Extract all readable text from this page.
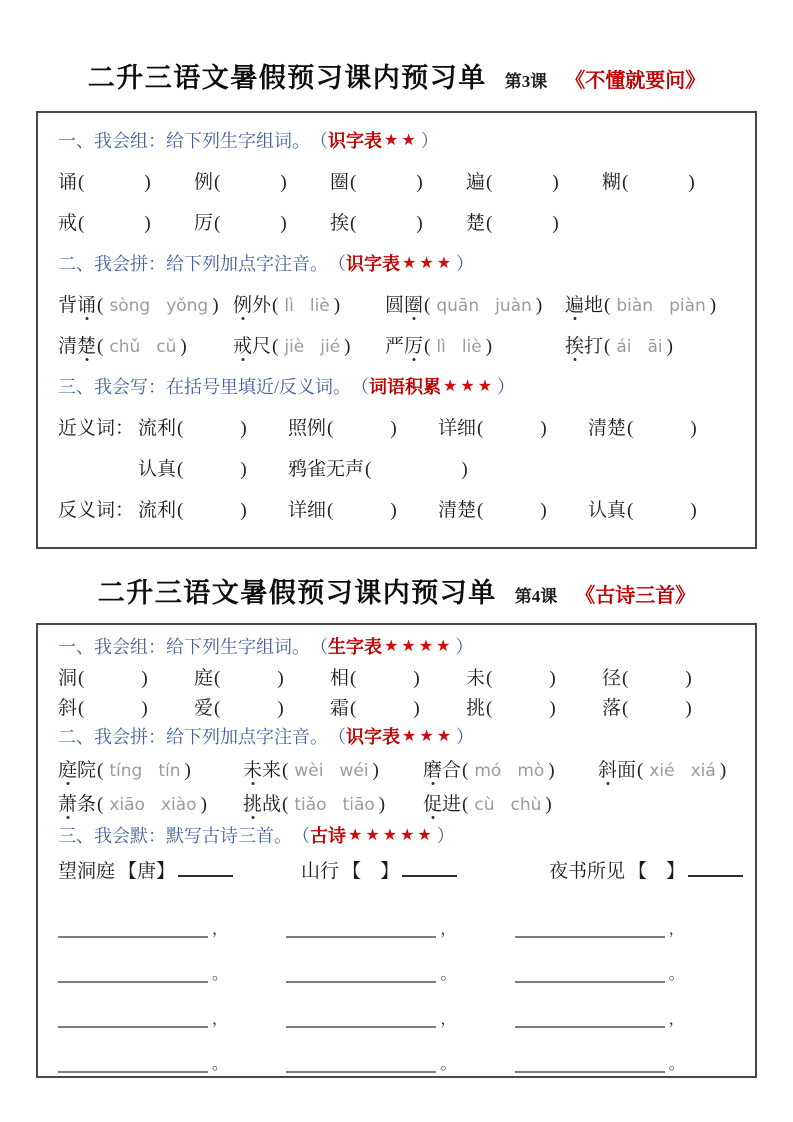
二升三语文暑假预习课内预习单 第3课 《不懂就要问》
一、我会组：给下列生字组词。 （ 识字表 ★★ ）
诵(	)	例(	)	圈(	)	遍(	)	糊(	)
戒(	)	厉(	)	挨(	)	楚(	)
二、我会拼：给下列加点字注音。 （ 识字表 ★★★ ）
背诵( sòng yǒng ) 例外( lì liè )	圆圈( quān juàn )	遍地( biàn piàn )
清楚( chǔ cǔ )	戒尺( jiè jié )	严厉( lì liè )	挨打( ái āi )
三、我会写：在括号里填近/反义词。 （ 词语积累 ★★★ ）
近义词： 流利(	)	照例(	)	详细(	)	清楚(	)
认真(	)	鸦雀无声(	)
反义词： 流利(	)	详细(	)	清楚(	)	认真(	)
二升三语文暑假预习课内预习单 第4课 《古诗三首》
一、我会组：给下列生字组词。 （ 生字表 ★★★★ ）
洞(	)	庭(	)	相(	)	未(	)	径(	)
斜(	)	爱(	)	霜(	)	挑(	)	落(	)
二、我会拼：给下列加点字注音。 （ 识字表 ★★★ ）
庭院( tíng tín )	未来( wèi wéi )	磨合( mó mò )	斜面( xié xiá )
萧条( xiāo xiào )	挑战( tiǎo tiāo )	促进( cù chù )
三、我会默：默写古诗三首。 （ 古诗 ★★★★★ ）
望洞庭 【唐】	山行 【　】	夜书所见 【　】
，	，	，
。	。	。
，	，	，
。	。	。
